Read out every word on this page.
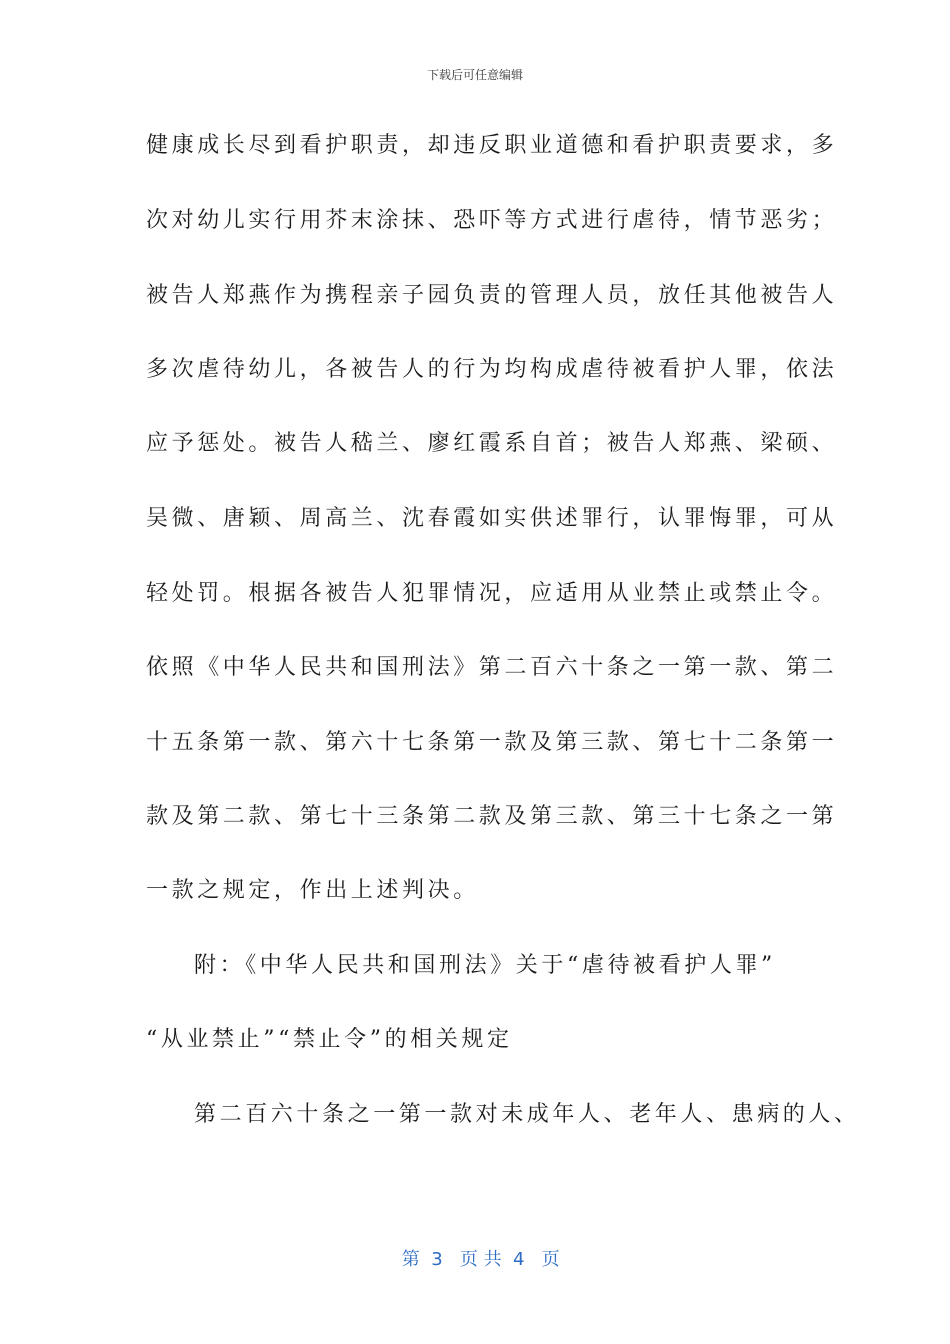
下载后可任意编辑
健康成长尽到看护职责，却违反职业道德和看护职责要求，多
次对幼儿实行用芥末涂抹、恐吓等方式进行虐待，情节恶劣；
被告人郑燕作为携程亲子园负责的管理人员，放任其他被告人
多次虐待幼儿，各被告人的行为均构成虐待被看护人罪，依法
应予惩处。被告人嵇兰、廖红霞系自首；被告人郑燕、梁硕、
吴微、唐颖、周高兰、沈春霞如实供述罪行，认罪悔罪，可从
轻处罚。根据各被告人犯罪情况，应适用从业禁止或禁止令。
依照《中华人民共和国刑法》第二百六十条之一第一款、第二
十五条第一款、第六十七条第一款及第三款、第七十二条第一
款及第二款、第七十三条第二款及第三款、第三十七条之一第
一款之规定，作出上述判决。
附：《中华人民共和国刑法》关于“虐待被看护人罪”
“从业禁止”“禁止令”的相关规定
第二百六十条之一第一款对未成年人、老年人、患病的人、

第  3   页 共  4   页
